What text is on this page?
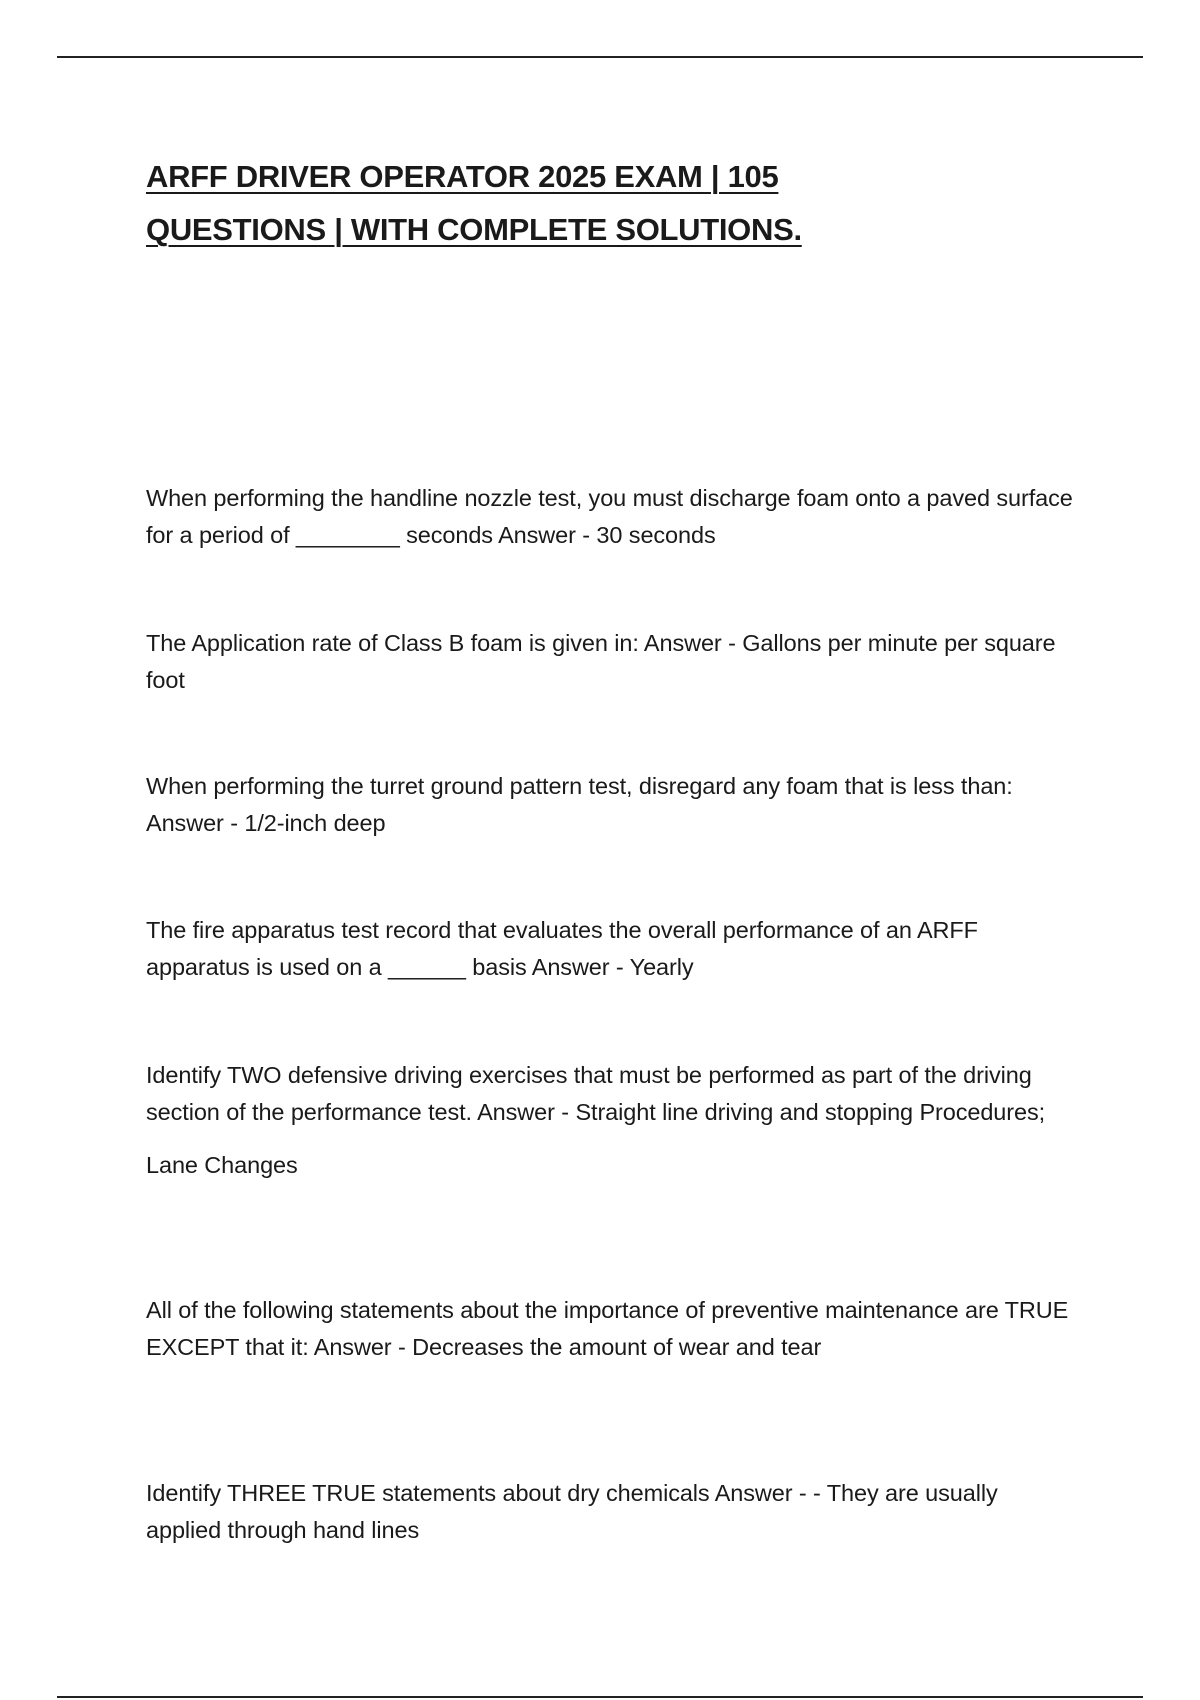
ARFF DRIVER OPERATOR 2025 EXAM | 105
QUESTIONS | WITH COMPLETE SOLUTIONS.

When performing the handline nozzle test, you must discharge foam onto a paved surface for a period of ________ seconds Answer - 30 seconds

The Application rate of Class B foam is given in: Answer - Gallons per minute per square foot

When performing the turret ground pattern test, disregard any foam that is less than: Answer - 1/2-inch deep

The fire apparatus test record that evaluates the overall performance of an ARFF apparatus is used on a ______ basis Answer - Yearly

Identify TWO defensive driving exercises that must be performed as part of the driving section of the performance test. Answer - Straight line driving and stopping Procedures;

Lane Changes

All of the following statements about the importance of preventive maintenance are TRUE EXCEPT that it: Answer - Decreases the amount of wear and tear

Identify THREE TRUE statements about dry chemicals Answer - - They are usually applied through hand lines
